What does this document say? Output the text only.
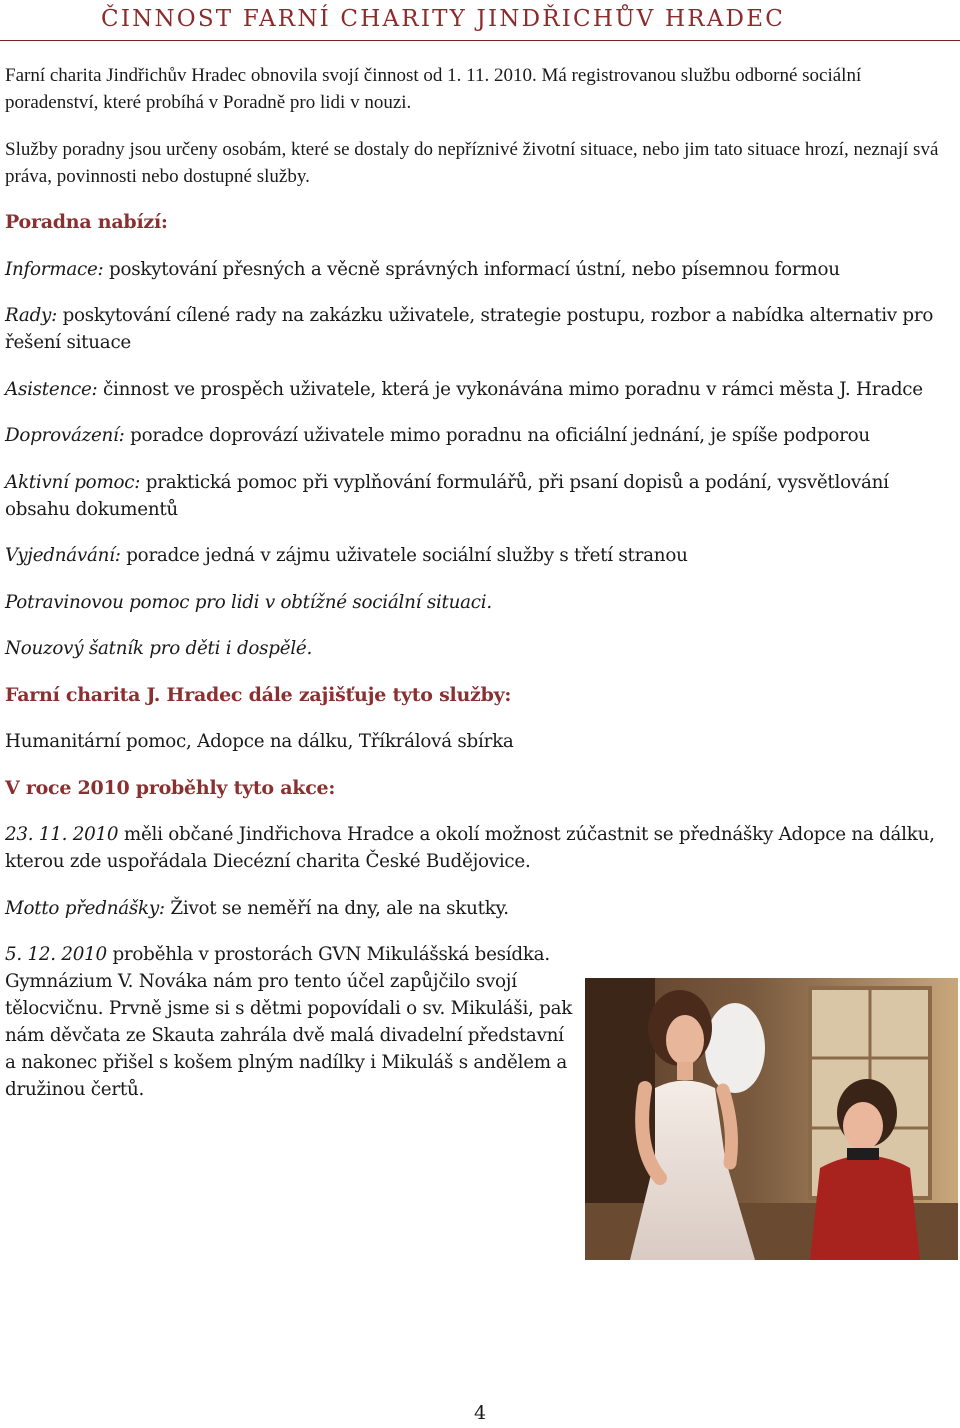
ČINNOST FARNÍ CHARITY JINDŘICHŮV HRADEC

Farní charita Jindřichův Hradec obnovila svojí činnost od 1. 11. 2010. Má registrovanou službu odborné sociální poradenství, které probíhá v Poradně pro lidi v nouzi.

Služby poradny jsou určeny osobám, které se dostaly do nepříznivé životní situace, nebo jim tato situace hrozí, neznají svá práva, povinnosti nebo dostupné služby.

Poradna nabízí:

Informace: poskytování přesných a věcně správných informací ústní, nebo písemnou formou

Rady: poskytování cílené rady na zakázku uživatele, strategie postupu, rozbor a nabídka alternativ pro řešení situace

Asistence: činnost ve prospěch uživatele, která je vykonávána mimo poradnu v rámci města J. Hradce

Doprovázení: poradce doprovází uživatele mimo poradnu na oficiální jednání, je spíše podporou

Aktivní pomoc: praktická pomoc při vyplňování formulářů, při psaní dopisů a podání, vysvětlování obsahu dokumentů

Vyjednávání: poradce jedná v zájmu uživatele sociální služby s třetí stranou

Potravinovou pomoc pro lidi v obtížné sociální situaci.

Nouzový šatník pro děti i dospělé.

Farní charita J. Hradec dále zajišťuje tyto služby:

Humanitární pomoc, Adopce na dálku, Tříkrálová sbírka

V roce 2010 proběhly tyto akce:

23. 11. 2010 měli občané Jindřichova Hradce a okolí možnost zúčastnit se přednášky Adopce na dálku, kterou zde uspořádala Diecézní charita České Budějovice.

Motto přednášky: Život se neměří na dny, ale na skutky.

5. 12. 2010 proběhla v prostorách GVN Mikulášská besídka. Gymnázium V. Nováka nám pro tento účel zapůjčilo svojí tělocvičnu. Prvně jsme si s dětmi popovídali o sv. Mikuláši, pak nám děvčata ze Skauta zahrála dvě malá divadelní představní a nakonec přišel s košem plným nadílky i Mikuláš s andělem a družinou čertů.

4
